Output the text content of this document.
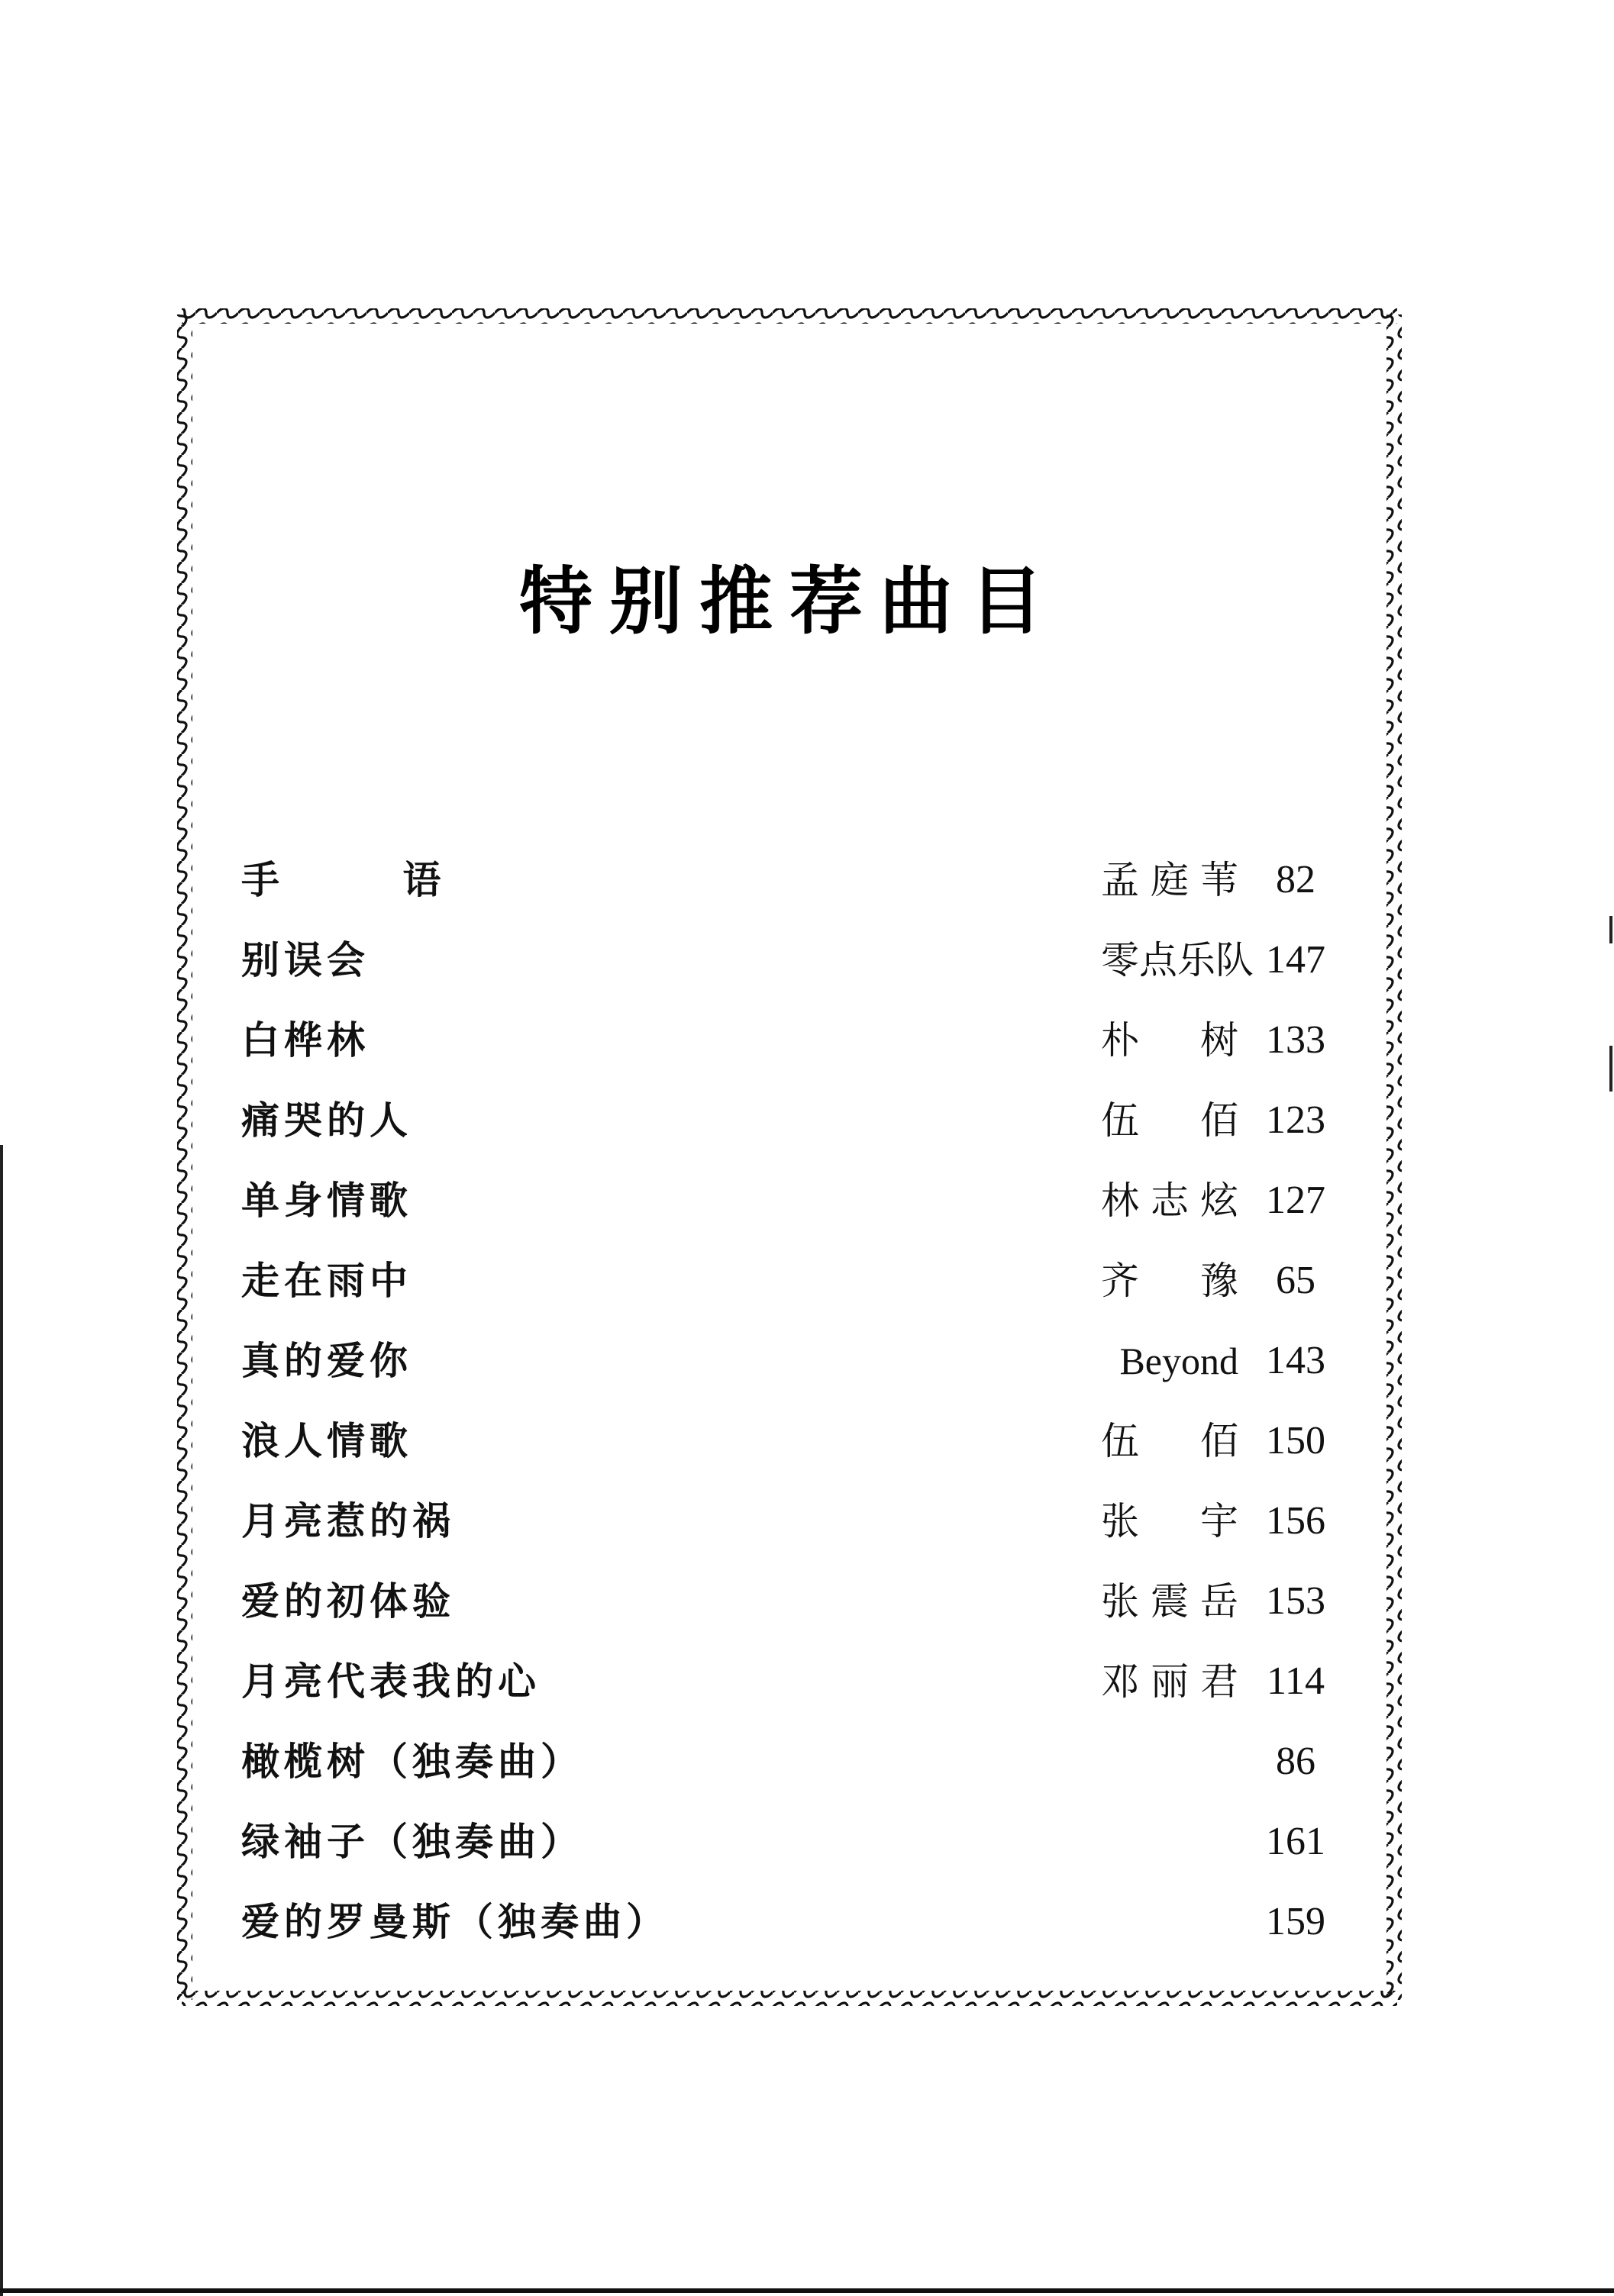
特别推荐曲目
手 语	孟庭苇 82
别误会	零点乐队 147
白桦林	朴 树 133
痛哭的人	伍 佰 123
单身情歌	林志炫 127
走在雨中	齐 豫 65
真的爱你	Beyond 143
浪人情歌	伍 佰 150
月亮惹的祸	张 宇 156
爱的初体验	张震岳 153
月亮代表我的心	邓丽君 114
橄榄树（独奏曲）	86
绿袖子（独奏曲）	161
爱的罗曼斯（独奏曲）	159
